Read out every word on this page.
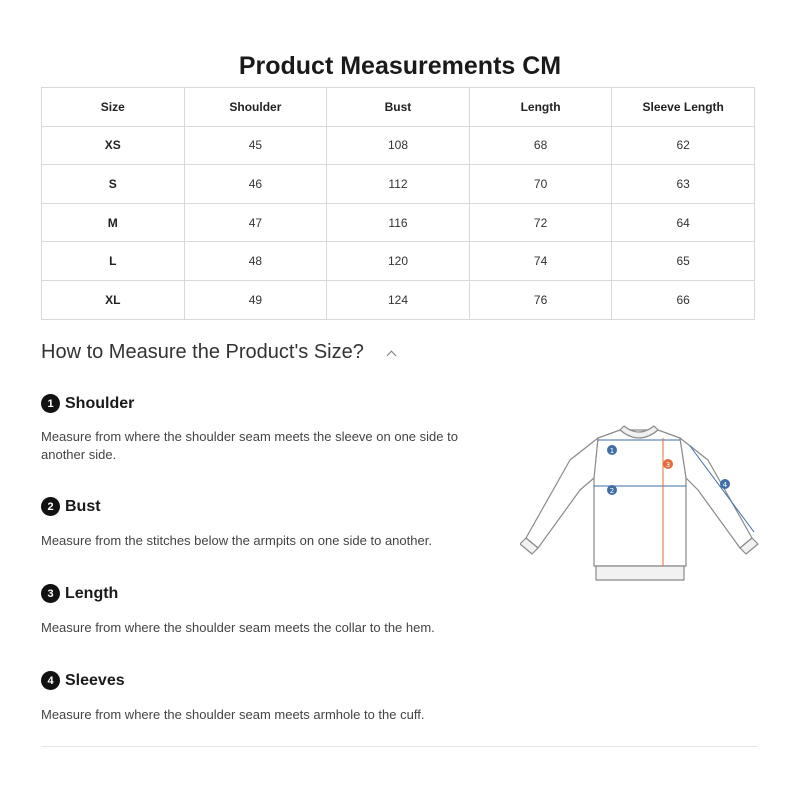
Product Measurements CM
Size	Shoulder	Bust	Length	Sleeve Length
XS	45	108	68	62
S	46	112	70	63
M	47	116	72	64
L	48	120	74	65
XL	49	124	76	66
How to Measure the Product's Size?
1 Shoulder
Measure from where the shoulder seam meets the sleeve on one side to another side.
2 Bust
Measure from the stitches below the armpits on one side to another.
3 Length
Measure from where the shoulder seam meets the collar to the hem.
4 Sleeves
Measure from where the shoulder seam meets armhole to the cuff.
1
2
3
4
